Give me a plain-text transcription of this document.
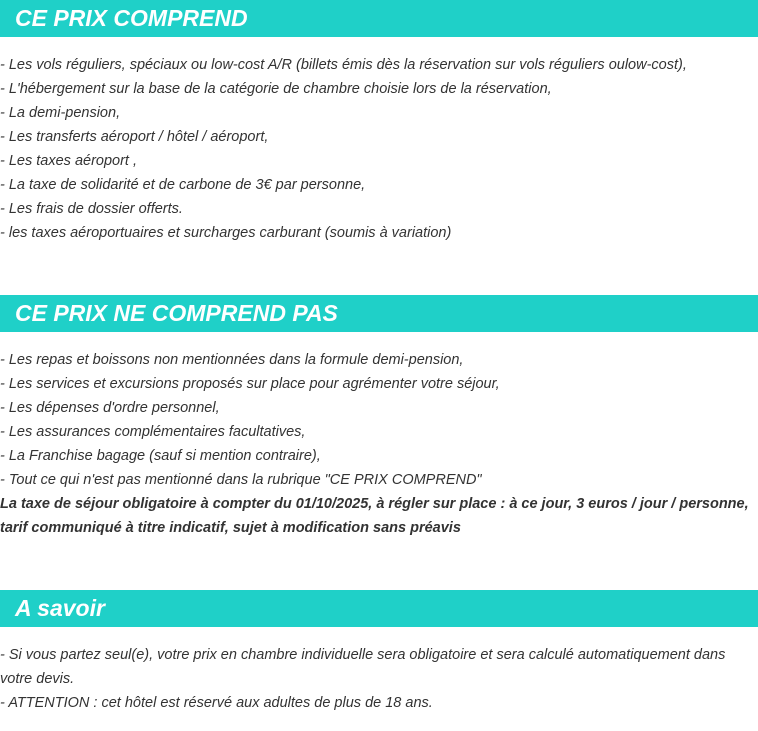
CE PRIX COMPREND
- Les vols réguliers, spéciaux ou low-cost A/R (billets émis dès la réservation sur vols réguliers oulow-cost),
- L'hébergement sur la base de la catégorie de chambre choisie lors de la réservation,
- La demi-pension,
- Les transferts aéroport / hôtel / aéroport,
- Les taxes aéroport ,
- La taxe de solidarité et de carbone de 3€ par personne,
- Les frais de dossier offerts.
- les taxes aéroportuaires et surcharges carburant (soumis à variation)
CE PRIX NE COMPREND PAS
- Les repas et boissons non mentionnées dans la formule demi-pension,
- Les services et excursions proposés sur place pour agrémenter votre séjour,
- Les dépenses d'ordre personnel,
- Les assurances complémentaires facultatives,
- La Franchise bagage (sauf si mention contraire),
- Tout ce qui n'est pas mentionné dans la rubrique "CE PRIX COMPREND"
La taxe de séjour obligatoire à compter du 01/10/2025, à régler sur place : à ce jour, 3 euros / jour / personne, tarif communiqué à titre indicatif, sujet à modification sans préavis
A savoir
- Si vous partez seul(e), votre prix en chambre individuelle sera obligatoire et sera calculé automatiquement dans votre devis.
- ATTENTION : cet hôtel est réservé aux adultes de plus de 18 ans.
